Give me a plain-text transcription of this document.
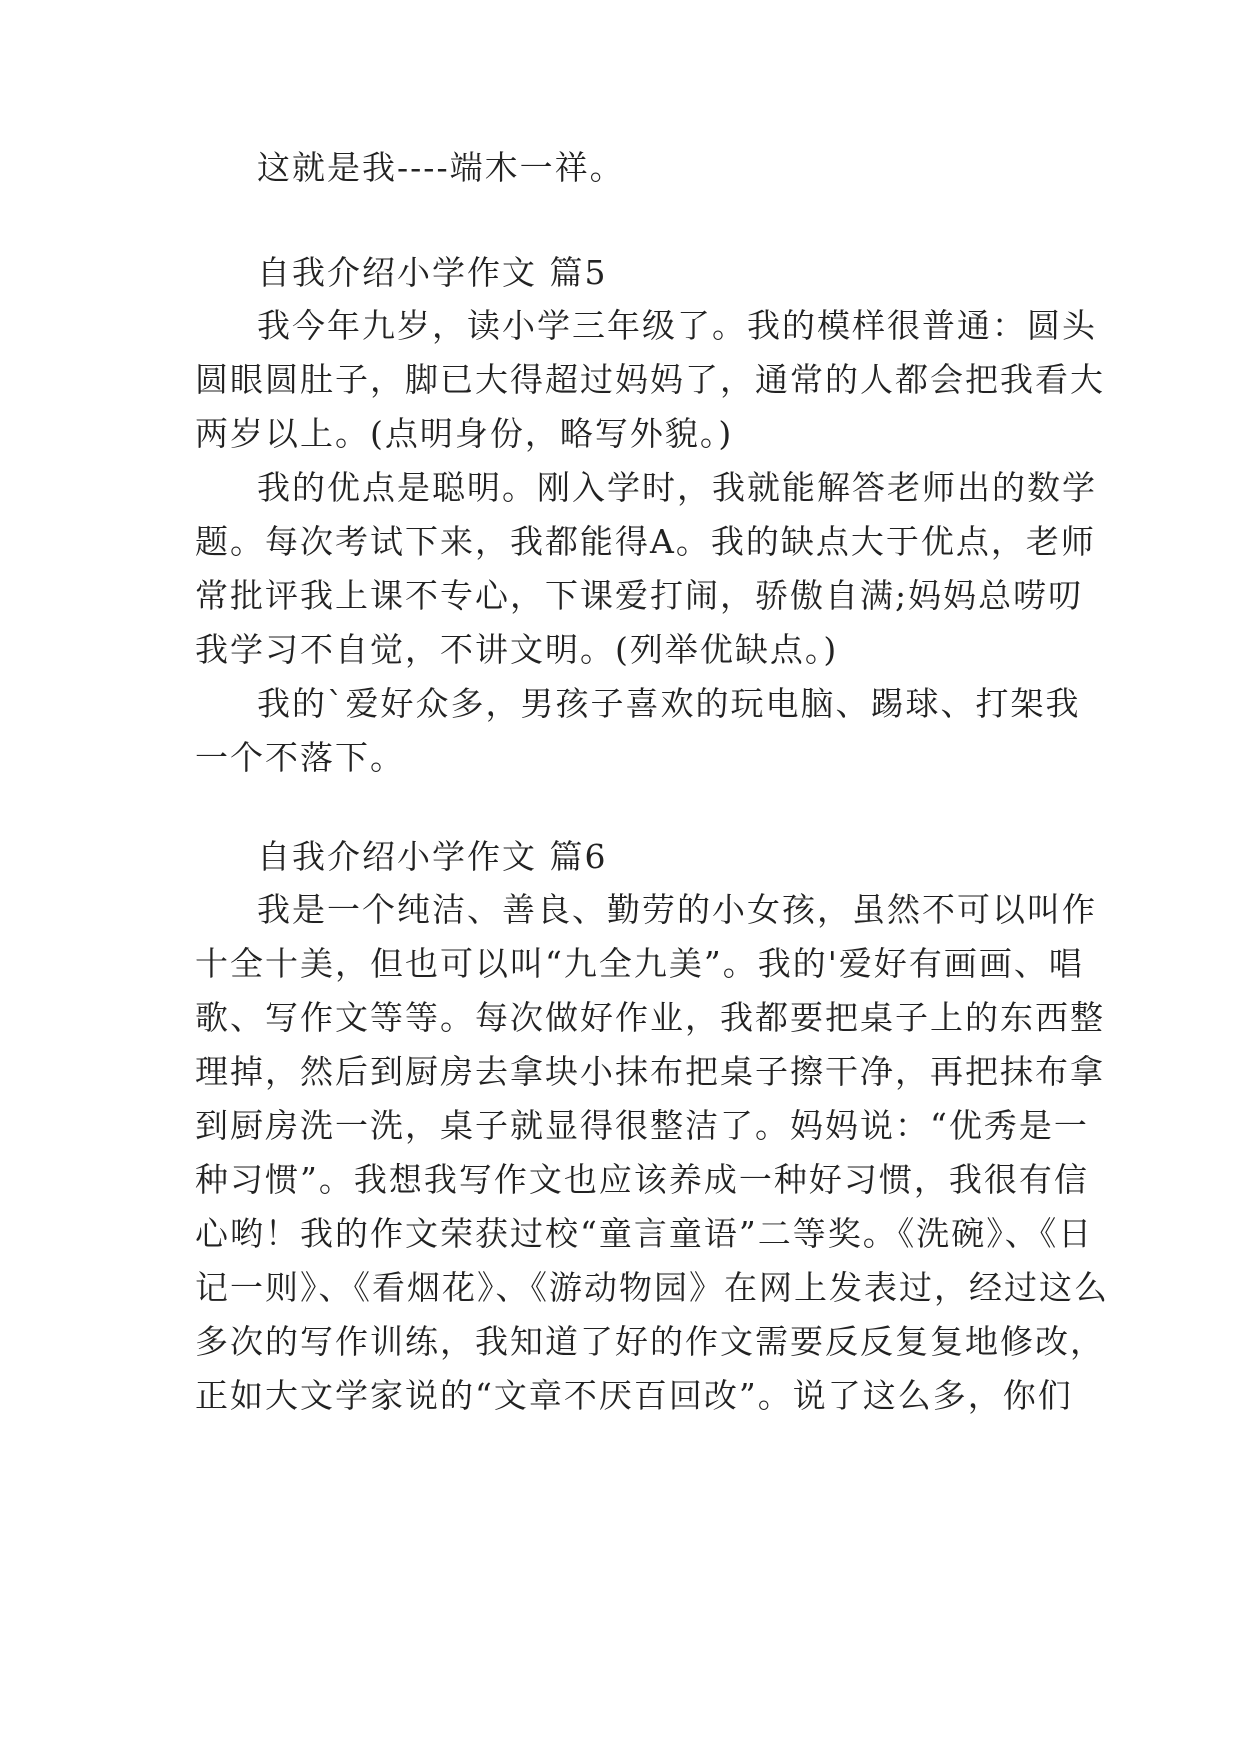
这就是我----端木一祥。
自我介绍小学作文 篇5
我今年九岁，读小学三年级了。我的模样很普通：圆头
圆眼圆肚子，脚已大得超过妈妈了，通常的人都会把我看大
两岁以上。(点明身份，略写外貌。)
我的优点是聪明。刚入学时，我就能解答老师出的数学
题。每次考试下来，我都能得A。我的缺点大于优点，老师
常批评我上课不专心，下课爱打闹，骄傲自满;妈妈总唠叨
我学习不自觉，不讲文明。(列举优缺点。)
我的`爱好众多，男孩子喜欢的玩电脑、踢球、打架我
一个不落下。
自我介绍小学作文 篇6
我是一个纯洁、善良、勤劳的小女孩，虽然不可以叫作
十全十美，但也可以叫“九全九美”。我的'爱好有画画、唱
歌、写作文等等。每次做好作业，我都要把桌子上的东西整
理掉，然后到厨房去拿块小抹布把桌子擦干净，再把抹布拿
到厨房洗一洗，桌子就显得很整洁了。妈妈说：“优秀是一
种习惯”。我想我写作文也应该养成一种好习惯，我很有信
心哟！我的作文荣获过校“童言童语”二等奖。《洗碗》、《日
记一则》、《看烟花》、《游动物园》在网上发表过，经过这么
多次的写作训练，我知道了好的作文需要反反复复地修改，
正如大文学家说的“文章不厌百回改”。说了这么多，你们
